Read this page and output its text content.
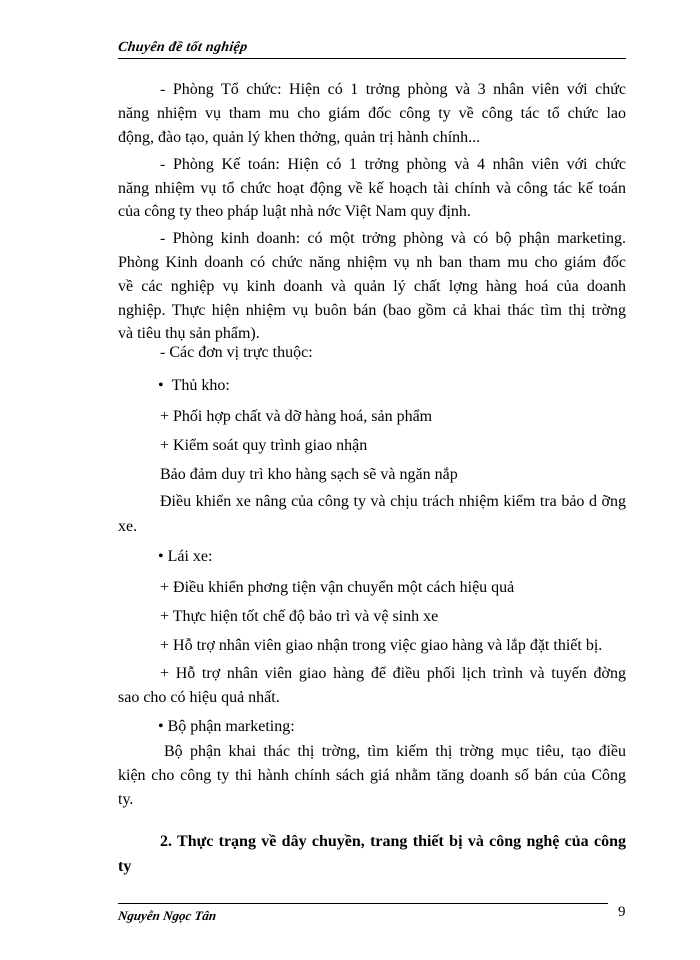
Chuyên đề tốt nghiệp
- Phòng Tổ chức: Hiện có 1 trởng phòng và 3 nhân viên với chức
năng nhiệm vụ tham mu cho giám đốc công ty về công tác tổ chức lao
động, đào tạo, quản lý khen thởng, quản trị hành chính...
- Phòng Kế toán: Hiện có 1 trởng phòng và 4 nhân viên với chức
năng nhiệm vụ tổ chức hoạt động về kế hoạch tài chính và công tác kế toán
của công ty theo pháp luật nhà nớc Việt Nam quy định.
- Phòng kinh doanh: có một trởng phòng và có bộ phận marketing.
Phòng Kinh doanh có chức năng nhiệm vụ nh ban tham mu cho giám đốc
về các nghiệp vụ kinh doanh và quản lý chất lợng hàng hoá của doanh
nghiệp. Thực hiện nhiệm vụ buôn bán (bao gồm cả khai thác tìm thị trờng
và tiêu thụ sản phẩm).
- Các đơn vị trực thuộc:
• Thủ kho:
+ Phối hợp chất và dỡ hàng hoá, sản phẩm
+ Kiểm soát quy trình giao nhận
Bảo đảm duy trì kho hàng sạch sẽ và ngăn nắp
Điều khiển xe nâng của công ty và chịu trách nhiệm kiểm tra bảo d ỡng
xe.
• Lái xe:
+ Điều khiển phơng tiện vận chuyển một cách hiệu quả
+ Thực hiện tốt chế độ bảo trì và vệ sinh xe
+ Hỗ trợ nhân viên giao nhận trong việc giao hàng và lắp đặt thiết bị.
+ Hỗ trợ nhân viên giao hàng để điều phối lịch trình và tuyến đờng
sao cho có hiệu quả nhất.
• Bộ phận marketing:
Bộ phận khai thác thị trờng, tìm kiếm thị trờng mục tiêu, tạo điều
kiện cho công ty thi hành chính sách giá nhằm tăng doanh số bán của Công
ty.
2. Thực trạng về dây chuyền, trang thiết bị và công nghệ của công
ty
Nguyễn Ngọc Tân	9
